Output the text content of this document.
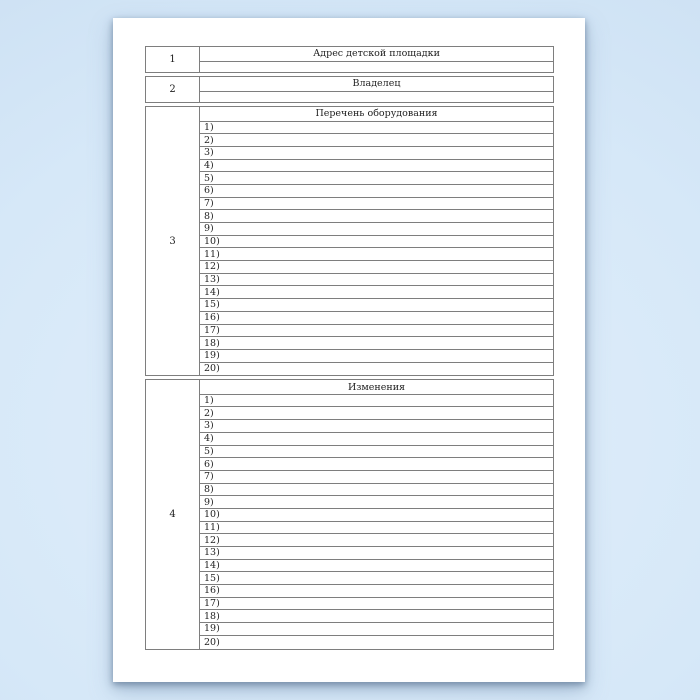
1
Адрес детской площадки
2
Владелец
3
Перечень оборудования
1)
2)
3)
4)
5)
6)
7)
8)
9)
10)
11)
12)
13)
14)
15)
16)
17)
18)
19)
20)
4
Изменения
1)
2)
3)
4)
5)
6)
7)
8)
9)
10)
11)
12)
13)
14)
15)
16)
17)
18)
19)
20)
